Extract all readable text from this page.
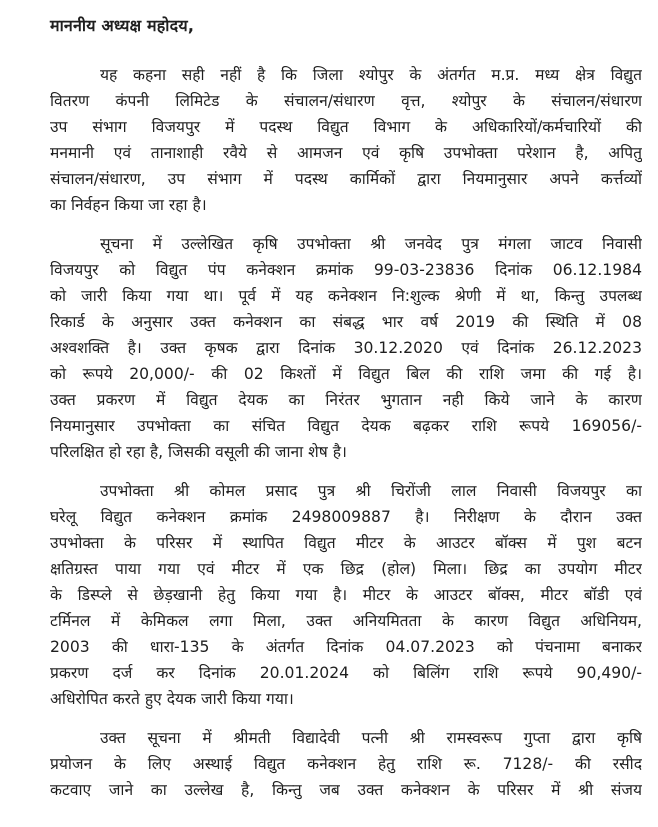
माननीय अध्यक्ष महोदय,
यह कहना सही नहीं है कि जिला श्योपुर के अंतर्गत म.प्र. मध्य क्षेत्र विद्युत
वितरण कंपनी लिमिटेड के संचालन/संधारण वृत्त, श्योपुर के संचालन/संधारण
उप संभाग विजयपुर में पदस्थ विद्युत विभाग के अधिकारियों/कर्मचारियों की
मनमानी एवं तानाशाही रवैये से आमजन एवं कृषि उपभोक्ता परेशान है, अपितु
संचालन/संधारण, उप संभाग में पदस्थ कार्मिकों द्वारा नियमानुसार अपने कर्त्तव्यों
का निर्वहन किया जा रहा है।
सूचना में उल्लेखित कृषि उपभोक्ता श्री जनवेद पुत्र मंगला जाटव निवासी
विजयपुर को विद्युत पंप कनेक्शन क्रमांक 99-03-23836 दिनांक 06.12.1984
को जारी किया गया था। पूर्व में यह कनेक्शन नि:शुल्क श्रेणी में था, किन्तु उपलब्ध
रिकार्ड के अनुसार उक्त कनेक्शन का संबद्ध भार वर्ष 2019 की स्थिति में 08
अश्वशक्ति है। उक्त कृषक द्वारा दिनांक 30.12.2020 एवं दिनांक 26.12.2023
को रूपये 20,000/- की 02 किश्तों में विद्युत बिल की राशि जमा की गई है।
उक्त प्रकरण में विद्युत देयक का निरंतर भुगतान नही किये जाने के कारण
नियमानुसार उपभोक्ता का संचित विद्युत देयक बढ़कर राशि रूपये 169056/-
परिलक्षित हो रहा है, जिसकी वसूली की जाना शेष है।
उपभोक्ता श्री कोमल प्रसाद पुत्र श्री चिरोंजी लाल निवासी विजयपुर का
घरेलू विद्युत कनेक्शन क्रमांक 2498009887 है। निरीक्षण के दौरान उक्त
उपभोक्ता के परिसर में स्थापित विद्युत मीटर के आउटर बॉक्स में पुश बटन
क्षतिग्रस्त पाया गया एवं मीटर में एक छिद्र (होल) मिला। छिद्र का उपयोग मीटर
के डिस्प्ले से छेड़खानी हेतु किया गया है। मीटर के आउटर बॉक्स, मीटर बॉडी एवं
टर्मिनल में केमिकल लगा मिला, उक्त अनियमितता के कारण विद्युत अधिनियम,
2003 की धारा-135 के अंतर्गत दिनांक 04.07.2023 को पंचनामा बनाकर
प्रकरण दर्ज कर दिनांक 20.01.2024 को बिलिंग राशि रूपये 90,490/-
अधिरोपित करते हुए देयक जारी किया गया।
उक्त सूचना में श्रीमती विद्यादेवी पत्नी श्री रामस्वरूप गुप्ता द्वारा कृषि
प्रयोजन के लिए अस्थाई विद्युत कनेक्शन हेतु राशि रू. 7128/- की रसीद
कटवाए जाने का उल्लेख है, किन्तु जब उक्त कनेक्शन के परिसर में श्री संजय
